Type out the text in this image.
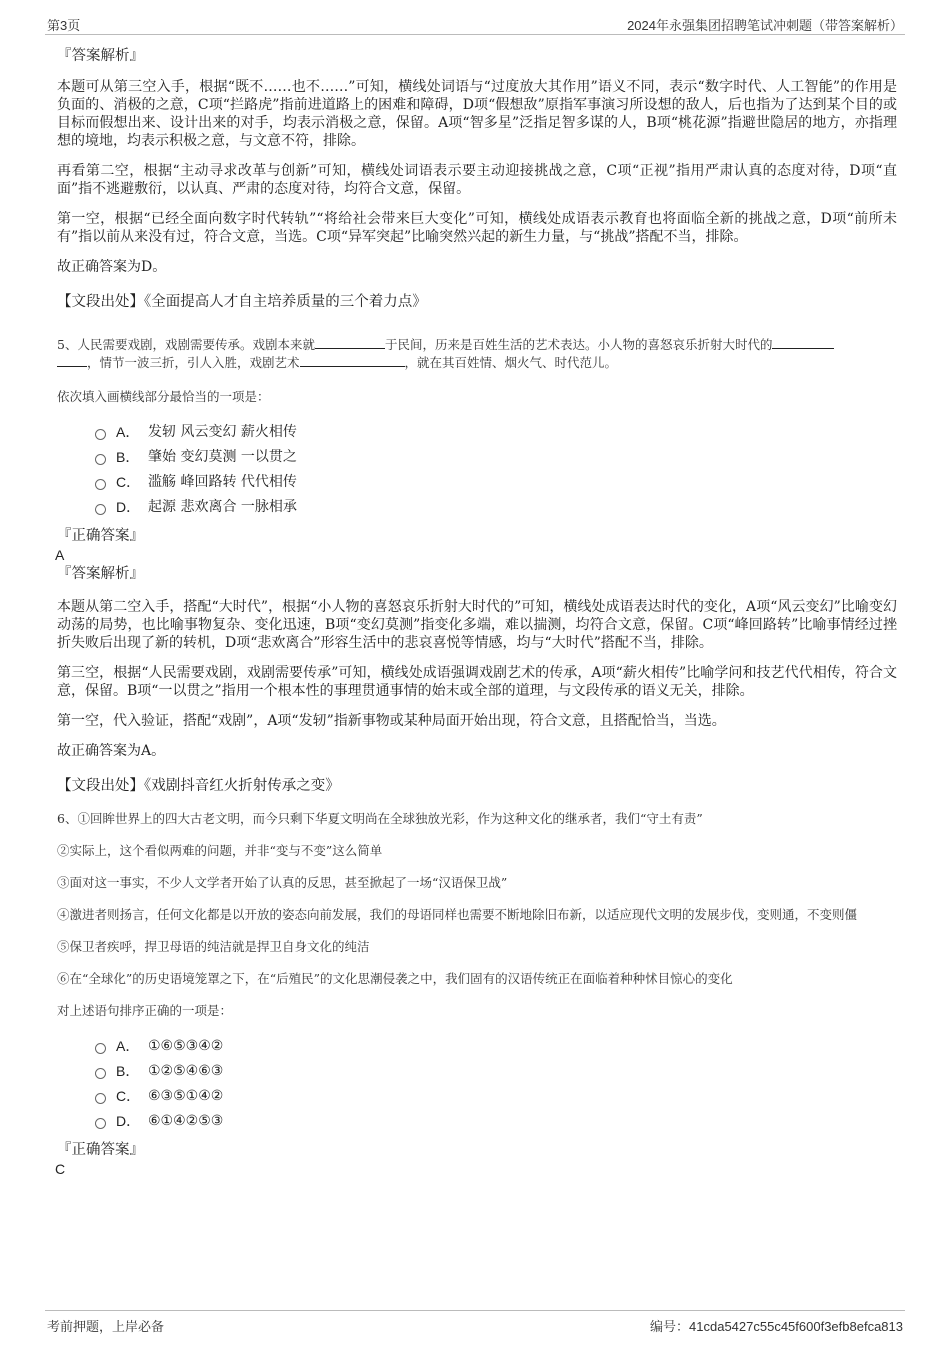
第3页	2024年永强集团招聘笔试冲刺题（带答案解析）

『答案解析』

本题可从第三空入手，根据“既不……也不……”可知，横线处词语与“过度放大其作用”语义不同，表示“数字时代、人工智能”的作用是负面的、消极的之意，C项“拦路虎”指前进道路上的困难和障碍，D项“假想敌”原指军事演习所设想的敌人，后也指为了达到某个目的或目标而假想出来、设计出来的对手，均表示消极之意，保留。A项“智多星”泛指足智多谋的人，B项“桃花源”指避世隐居的地方，亦指理想的境地，均表示积极之意，与文意不符，排除。

再看第二空，根据“主动寻求改革与创新”可知，横线处词语表示要主动迎接挑战之意，C项“正视”指用严肃认真的态度对待，D项“直面”指不逃避敷衍，以认真、严肃的态度对待，均符合文意，保留。

第一空，根据“已经全面向数字时代转轨”“将给社会带来巨大变化”可知，横线处成语表示教育也将面临全新的挑战之意，D项“前所未有”指以前从来没有过，符合文意，当选。C项“异军突起”比喻突然兴起的新生力量，与“挑战”搭配不当，排除。

故正确答案为D。

【文段出处】《全面提高人才自主培养质量的三个着力点》

5、人民需要戏剧，戏剧需要传承。戏剧本来就	于民间，历来是百姓生活的艺术表达。小人物的喜怒哀乐折射大时代的
，情节一波三折，引人入胜，戏剧艺术	，就在其百姓情、烟火气、时代范儿。

依次填入画横线部分最恰当的一项是：

A． 发轫 风云变幻 薪火相传
B． 肇始 变幻莫测 一以贯之
C． 滥觞 峰回路转 代代相传
D． 起源 悲欢离合 一脉相承

『正确答案』

A

『答案解析』

本题从第二空入手，搭配“大时代”，根据“小人物的喜怒哀乐折射大时代的”可知，横线处成语表达时代的变化，A项“风云变幻”比喻变幻动荡的局势，也比喻事物复杂、变化迅速，B项“变幻莫测”指变化多端，难以揣测，均符合文意，保留。C项“峰回路转”比喻事情经过挫折失败后出现了新的转机，D项“悲欢离合”形容生活中的悲哀喜悦等情感，均与“大时代”搭配不当，排除。

第三空，根据“人民需要戏剧，戏剧需要传承”可知，横线处成语强调戏剧艺术的传承，A项“薪火相传”比喻学问和技艺代代相传，符合文意，保留。B项“一以贯之”指用一个根本性的事理贯通事情的始末或全部的道理，与文段传承的语义无关，排除。

第一空，代入验证，搭配“戏剧”，A项“发轫”指新事物或某种局面开始出现，符合文意，且搭配恰当，当选。

故正确答案为A。

【文段出处】《戏剧抖音红火折射传承之变》

6、①回眸世界上的四大古老文明，而今只剩下华夏文明尚在全球独放光彩，作为这种文化的继承者，我们“守土有责”

②实际上，这个看似两难的问题，并非“变与不变”这么简单

③面对这一事实，不少人文学者开始了认真的反思，甚至掀起了一场“汉语保卫战”

④激进者则扬言，任何文化都是以开放的姿态向前发展，我们的母语同样也需要不断地除旧布新，以适应现代文明的发展步伐，变则通，不变则僵

⑤保卫者疾呼，捍卫母语的纯洁就是捍卫自身文化的纯洁

⑥在“全球化”的历史语境笼罩之下，在“后殖民”的文化思潮侵袭之中，我们固有的汉语传统正在面临着种种怵目惊心的变化

对上述语句排序正确的一项是：

A． ①⑥⑤③④②
B． ①②⑤④⑥③
C． ⑥③⑤①④②
D． ⑥①④②⑤③

『正确答案』

C

考前押题，上岸必备	编号：41cda5427c55c45f600f3efb8efca813
